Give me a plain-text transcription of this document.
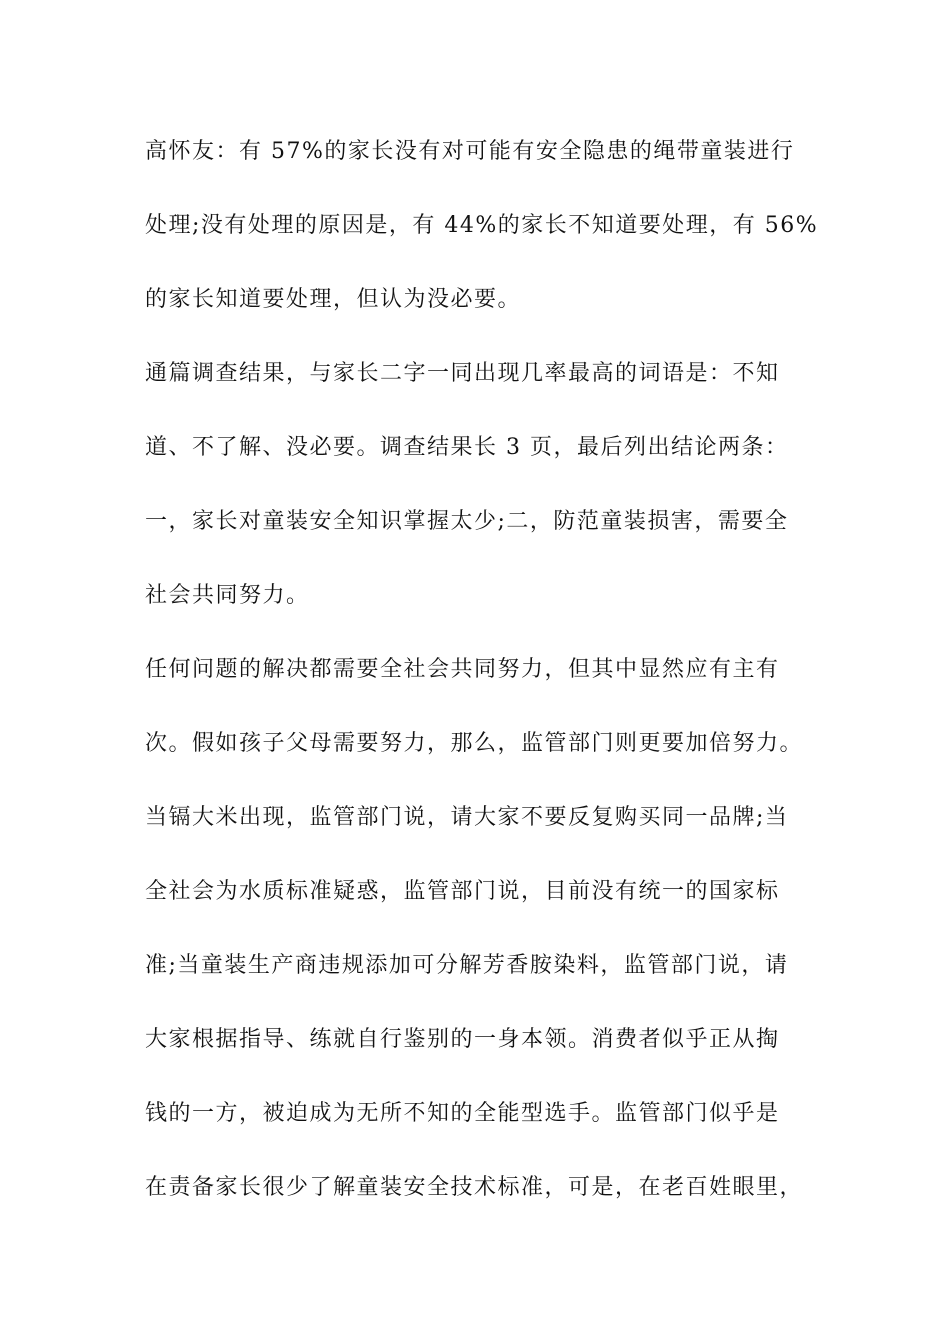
高怀友：有 57%的家长没有对可能有安全隐患的绳带童装进行
处理;没有处理的原因是，有 44%的家长不知道要处理，有 56%
的家长知道要处理，但认为没必要。
通篇调查结果，与家长二字一同出现几率最高的词语是：不知
道、不了解、没必要。调查结果长 3 页，最后列出结论两条：
一，家长对童装安全知识掌握太少;二，防范童装损害，需要全
社会共同努力。
任何问题的解决都需要全社会共同努力，但其中显然应有主有
次。假如孩子父母需要努力，那么，监管部门则更要加倍努力。
当镉大米出现，监管部门说，请大家不要反复购买同一品牌;当
全社会为水质标准疑惑，监管部门说，目前没有统一的国家标
准;当童装生产商违规添加可分解芳香胺染料，监管部门说，请
大家根据指导、练就自行鉴别的一身本领。消费者似乎正从掏
钱的一方，被迫成为无所不知的全能型选手。监管部门似乎是
在责备家长很少了解童装安全技术标准，可是，在老百姓眼里，
